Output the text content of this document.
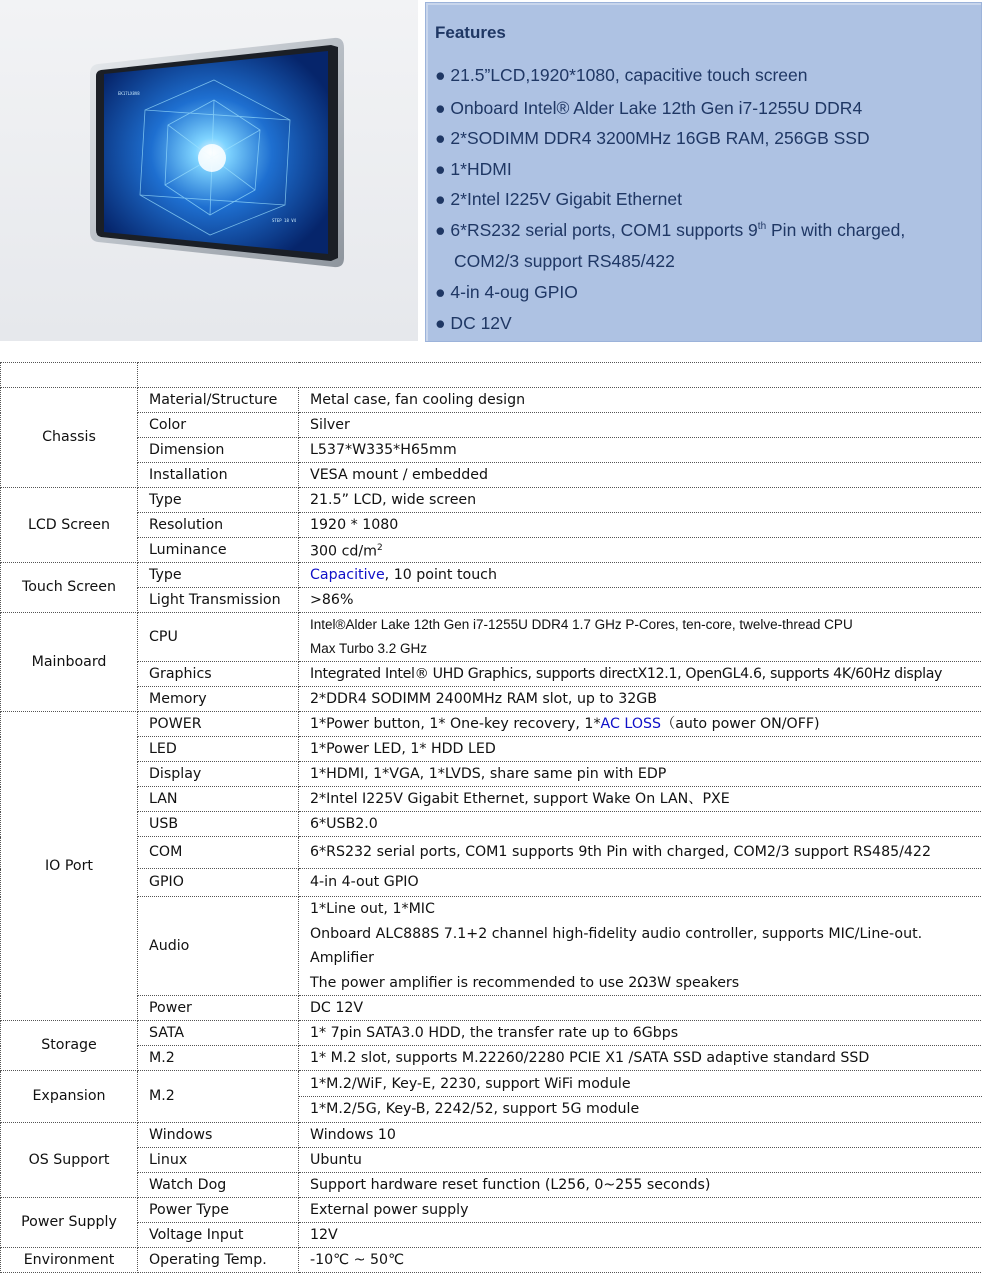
EK17LX8V8
STEP 18 V4
Features
● 21.5”LCD,1920*1080, capacitive touch screen
● Onboard Intel® Alder Lake 12th Gen i7-1255U DDR4
● 2*SODIMM DDR4 3200MHz 16GB RAM, 256GB SSD
● 1*HDMI
● 2*Intel I225V Gigabit Ethernet
● 6*RS232 serial ports, COM1 supports 9th Pin with charged,
COM2/3 support RS485/422
● 4-in 4-oug GPIO
● DC 12V

Chassis	Material/Structure	Metal case, fan cooling design
	Color	Silver
	Dimension	L537*W335*H65mm
	Installation	VESA mount / embedded
LCD Screen	Type	21.5” LCD, wide screen
	Resolution	1920 * 1080
	Luminance	300 $cd/m^2$
Touch Screen	Type	Capacitive, 10 point touch
	Light Transmission	>86%
Mainboard	CPU	Intel®Alder Lake 12th Gen i7-1255U DDR4 1.7 GHz P-Cores, ten-core, twelve-thread CPU
Max Turbo 3.2 GHz

	Graphics	Integrated Intel® UHD Graphics, supports directX12.1, OpenGL4.6, supports 4K/60Hz display
	Memory	2*DDR4 SODIMM 2400MHz RAM slot, up to 32GB
IO Port	POWER	1*Power button, 1* One-key recovery, 1*AC LOSS（auto power ON/OFF)
	LED	1*Power LED, 1* HDD LED
	Display	1*HDMI, 1*VGA, 1*LVDS, share same pin with EDP
	LAN	2*Intel I225V Gigabit Ethernet, support Wake On LAN、PXE
	USB	6*USB2.0
	COM	6*RS232 serial ports, COM1 supports 9th Pin with charged, COM2/3 support RS485/422
	GPIO	4-in 4-out GPIO
	Audio	1*Line out, 1*MIC
Onboard ALC888S 7.1+2 channel high-fidelity audio controller, supports MIC/Line-out.
Amplifier
The power amplifier is recommended to use 2Ω3W speakers

	Power	DC 12V
Storage	SATA	1* 7pin SATA3.0 HDD, the transfer rate up to 6Gbps
	M.2	1* M.2 slot, supports M.22260/2280 PCIE X1 /SATA SSD adaptive standard SSD
Expansion	M.2	1*M.2/WiF, Key-E, 2230, support WiFi module
1*M.2/5G, Key-B, 2242/52, support 5G module

OS Support	Windows	Windows 10
	Linux	Ubuntu
	Watch Dog	Support hardware reset function (L256, 0~255 seconds)
Power Supply	Power Type	External power supply
	Voltage Input	12V
Environment	Operating Temp.	-10℃ ~ 50℃
